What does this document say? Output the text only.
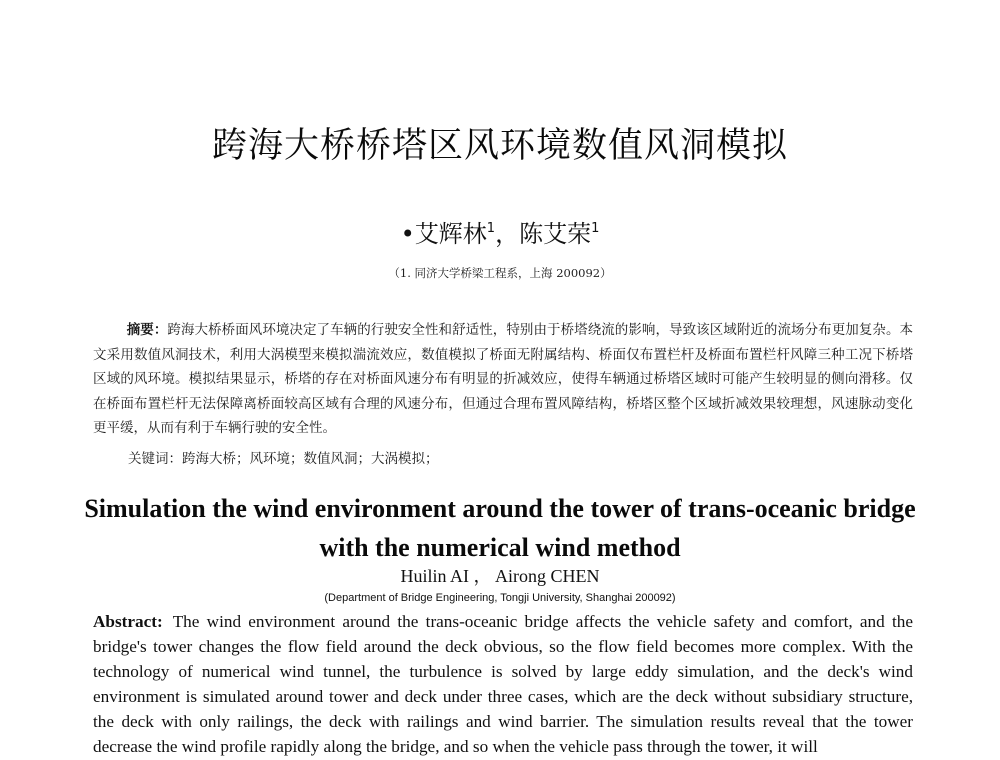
跨海大桥桥塔区风环境数值风洞模拟
•艾辉林$^1$，陈艾荣$^1$
（1. 同济大学桥梁工程系，上海 200092）
摘要：跨海大桥桥面风环境决定了车辆的行驶安全性和舒适性，特别由于桥塔绕流的影响，导致该区域附近的流场分布更加复杂。本文采用数值风洞技术，利用大涡模型来模拟湍流效应，数值模拟了桥面无附属结构、桥面仅布置栏杆及桥面布置栏杆风障三种工况下桥塔区域的风环境。模拟结果显示，桥塔的存在对桥面风速分布有明显的折减效应，使得车辆通过桥塔区域时可能产生较明显的侧向滑移。仅在桥面布置栏杆无法保障离桥面较高区域有合理的风速分布，但通过合理布置风障结构，桥塔区整个区域折减效果较理想，风速脉动变化更平缓，从而有利于车辆行驶的安全性。
关键词：跨海大桥；风环境；数值风洞；大涡模拟；
Simulation the wind environment around the tower of trans-oceanic bridge with the numerical wind method
Huilin AI ， Airong CHEN
(Department of Bridge Engineering, Tongji University, Shanghai 200092)
Abstract: The wind environment around the trans-oceanic bridge affects the vehicle safety and comfort, and the bridge's tower changes the flow field around the deck obvious, so the flow field becomes more complex. With the technology of numerical wind tunnel, the turbulence is solved by large eddy simulation, and the deck's wind environment is simulated around tower and deck under three cases, which are the deck without subsidiary structure, the deck with only railings, the deck with railings and wind barrier. The simulation results reveal that the tower decrease the wind profile rapidly along the bridge, and so when the vehicle pass through the tower, it will
